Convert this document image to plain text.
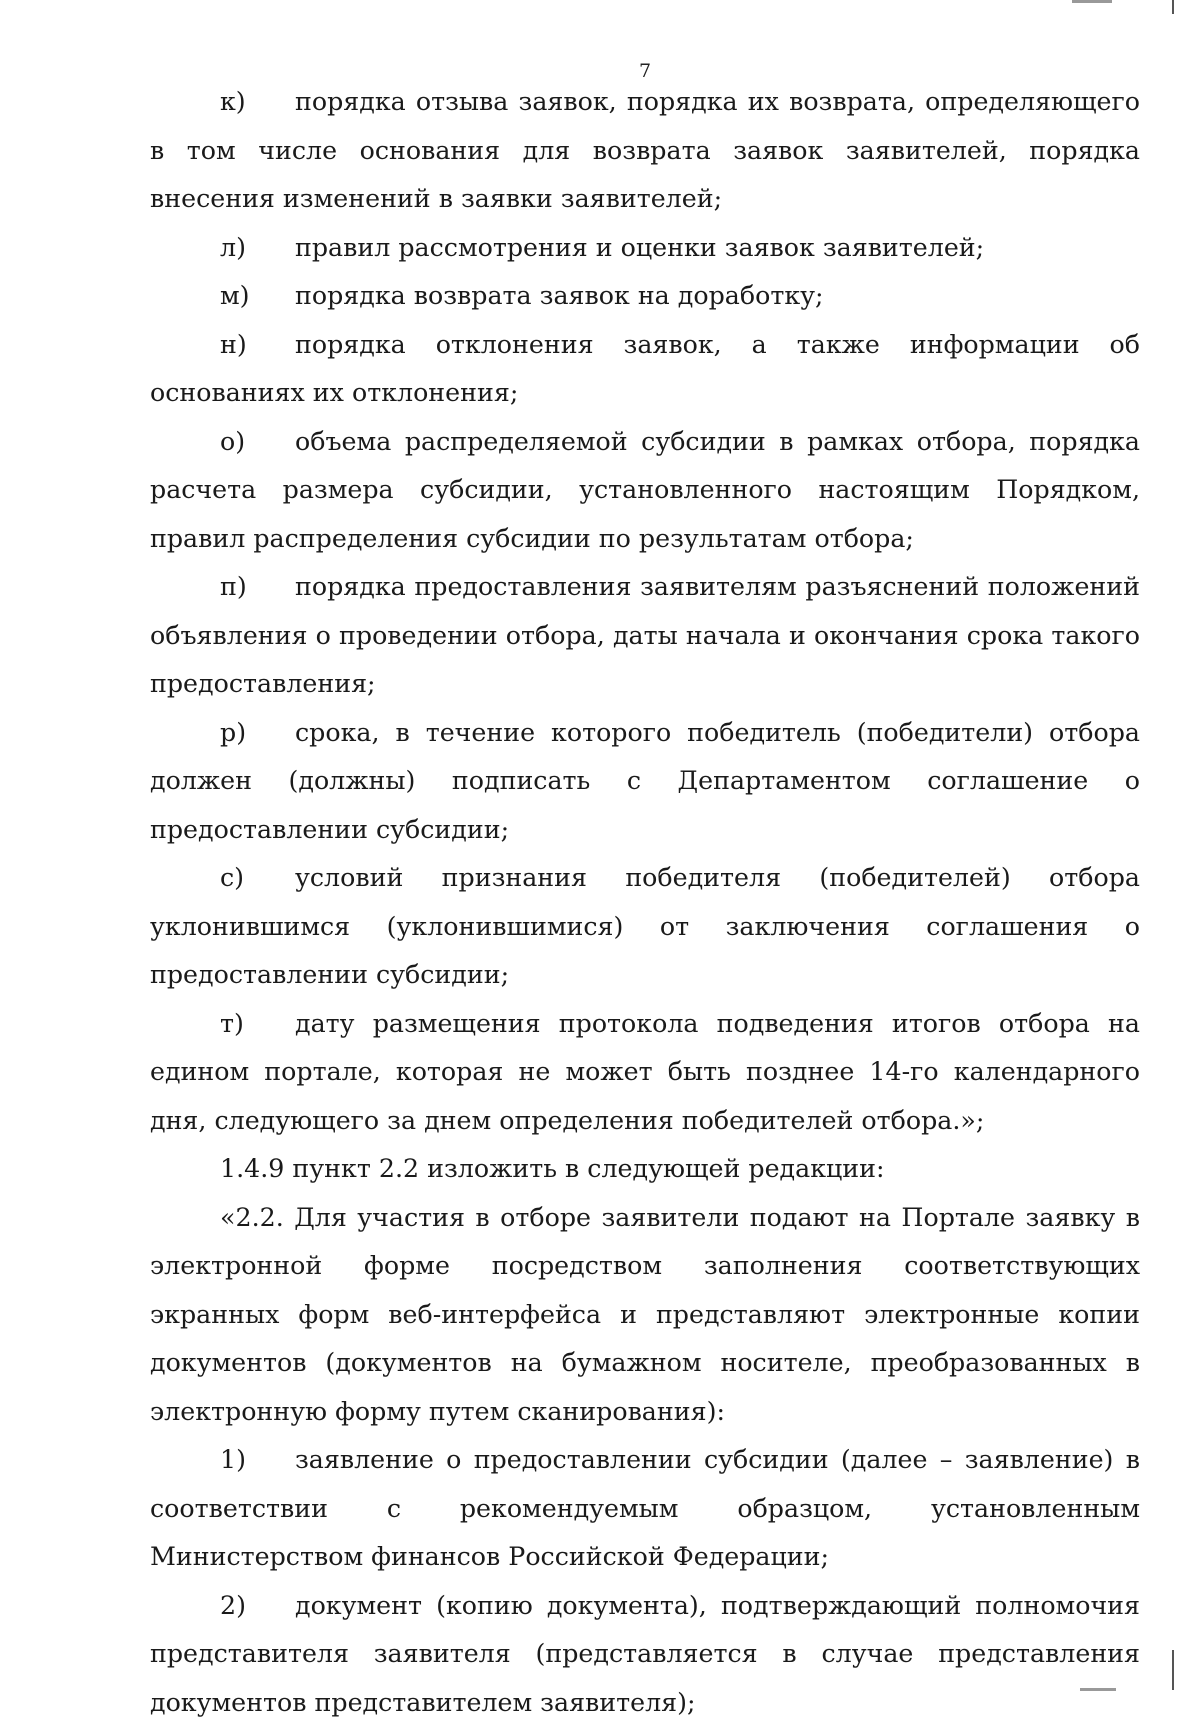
7

к) порядка отзыва заявок, порядка их возврата, определяющего в том числе основания для возврата заявок заявителей, порядка внесения изменений в заявки заявителей;

л) правил рассмотрения и оценки заявок заявителей;

м) порядка возврата заявок на доработку;

н) порядка отклонения заявок, а также информации об основаниях их отклонения;

о) объема распределяемой субсидии в рамках отбора, порядка расчета размера субсидии, установленного настоящим Порядком, правил распределения субсидии по результатам отбора;

п) порядка предоставления заявителям разъяснений положений объявления о проведении отбора, даты начала и окончания срока такого предоставления;

р) срока, в течение которого победитель (победители) отбора должен (должны) подписать с Департаментом соглашение о предоставлении субсидии;

с) условий признания победителя (победителей) отбора уклонившимся (уклонившимися) от заключения соглашения о предоставлении субсидии;

т) дату размещения протокола подведения итогов отбора на едином портале, которая не может быть позднее 14-го календарного дня, следующего за днем определения победителей отбора.»;

1.4.9 пункт 2.2 изложить в следующей редакции:

«2.2. Для участия в отборе заявители подают на Портале заявку в электронной форме посредством заполнения соответствующих экранных форм веб-интерфейса и представляют электронные копии документов (документов на бумажном носителе, преобразованных в электронную форму путем сканирования):

1) заявление о предоставлении субсидии (далее – заявление) в соответствии с рекомендуемым образцом, установленным Министерством финансов Российской Федерации;

2) документ (копию документа), подтверждающий полномочия представителя заявителя (представляется в случае представления документов представителем заявителя);
